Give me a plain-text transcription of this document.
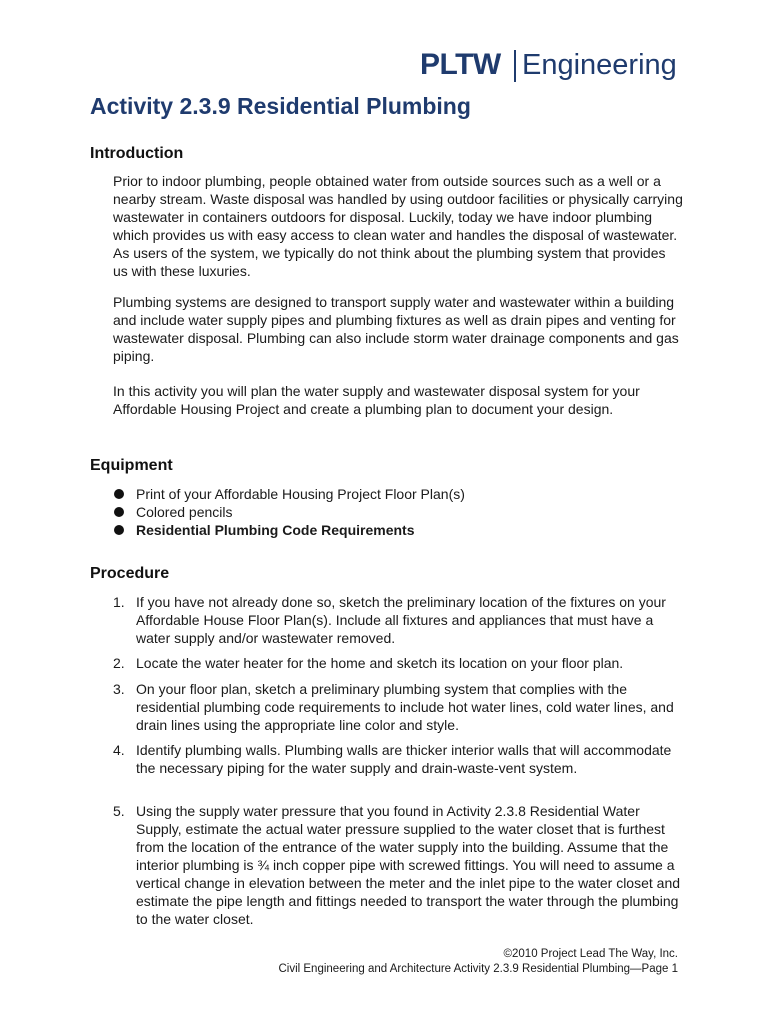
PLTW Engineering
Activity 2.3.9 Residential Plumbing
Introduction

Prior to indoor plumbing, people obtained water from outside sources such as a well or a nearby stream. Waste disposal was handled by using outdoor facilities or physically carrying wastewater in containers outdoors for disposal. Luckily, today we have indoor plumbing which provides us with easy access to clean water and handles the disposal of wastewater. As users of the system, we typically do not think about the plumbing system that provides us with these luxuries.

Plumbing systems are designed to transport supply water and wastewater within a building and include water supply pipes and plumbing fixtures as well as drain pipes and venting for wastewater disposal. Plumbing can also include storm water drainage components and gas piping.

In this activity you will plan the water supply and wastewater disposal system for your Affordable Housing Project and create a plumbing plan to document your design.

Equipment
Print of your Affordable Housing Project Floor Plan(s)
Colored pencils
Residential Plumbing Code Requirements
Procedure
1. If you have not already done so, sketch the preliminary location of the fixtures on your Affordable House Floor Plan(s). Include all fixtures and appliances that must have a water supply and/or wastewater removed.
2. Locate the water heater for the home and sketch its location on your floor plan.
3. On your floor plan, sketch a preliminary plumbing system that complies with the residential plumbing code requirements to include hot water lines, cold water lines, and drain lines using the appropriate line color and style.
4. Identify plumbing walls. Plumbing walls are thicker interior walls that will accommodate the necessary piping for the water supply and drain-waste-vent system.
5. Using the supply water pressure that you found in Activity 2.3.8 Residential Water Supply, estimate the actual water pressure supplied to the water closet that is furthest from the location of the entrance of the water supply into the building. Assume that the interior plumbing is ¾ inch copper pipe with screwed fittings. You will need to assume a vertical change in elevation between the meter and the inlet pipe to the water closet and estimate the pipe length and fittings needed to transport the water through the plumbing to the water closet.
©2010 Project Lead The Way, Inc.
Civil Engineering and Architecture Activity 2.3.9 Residential Plumbing—Page 1
